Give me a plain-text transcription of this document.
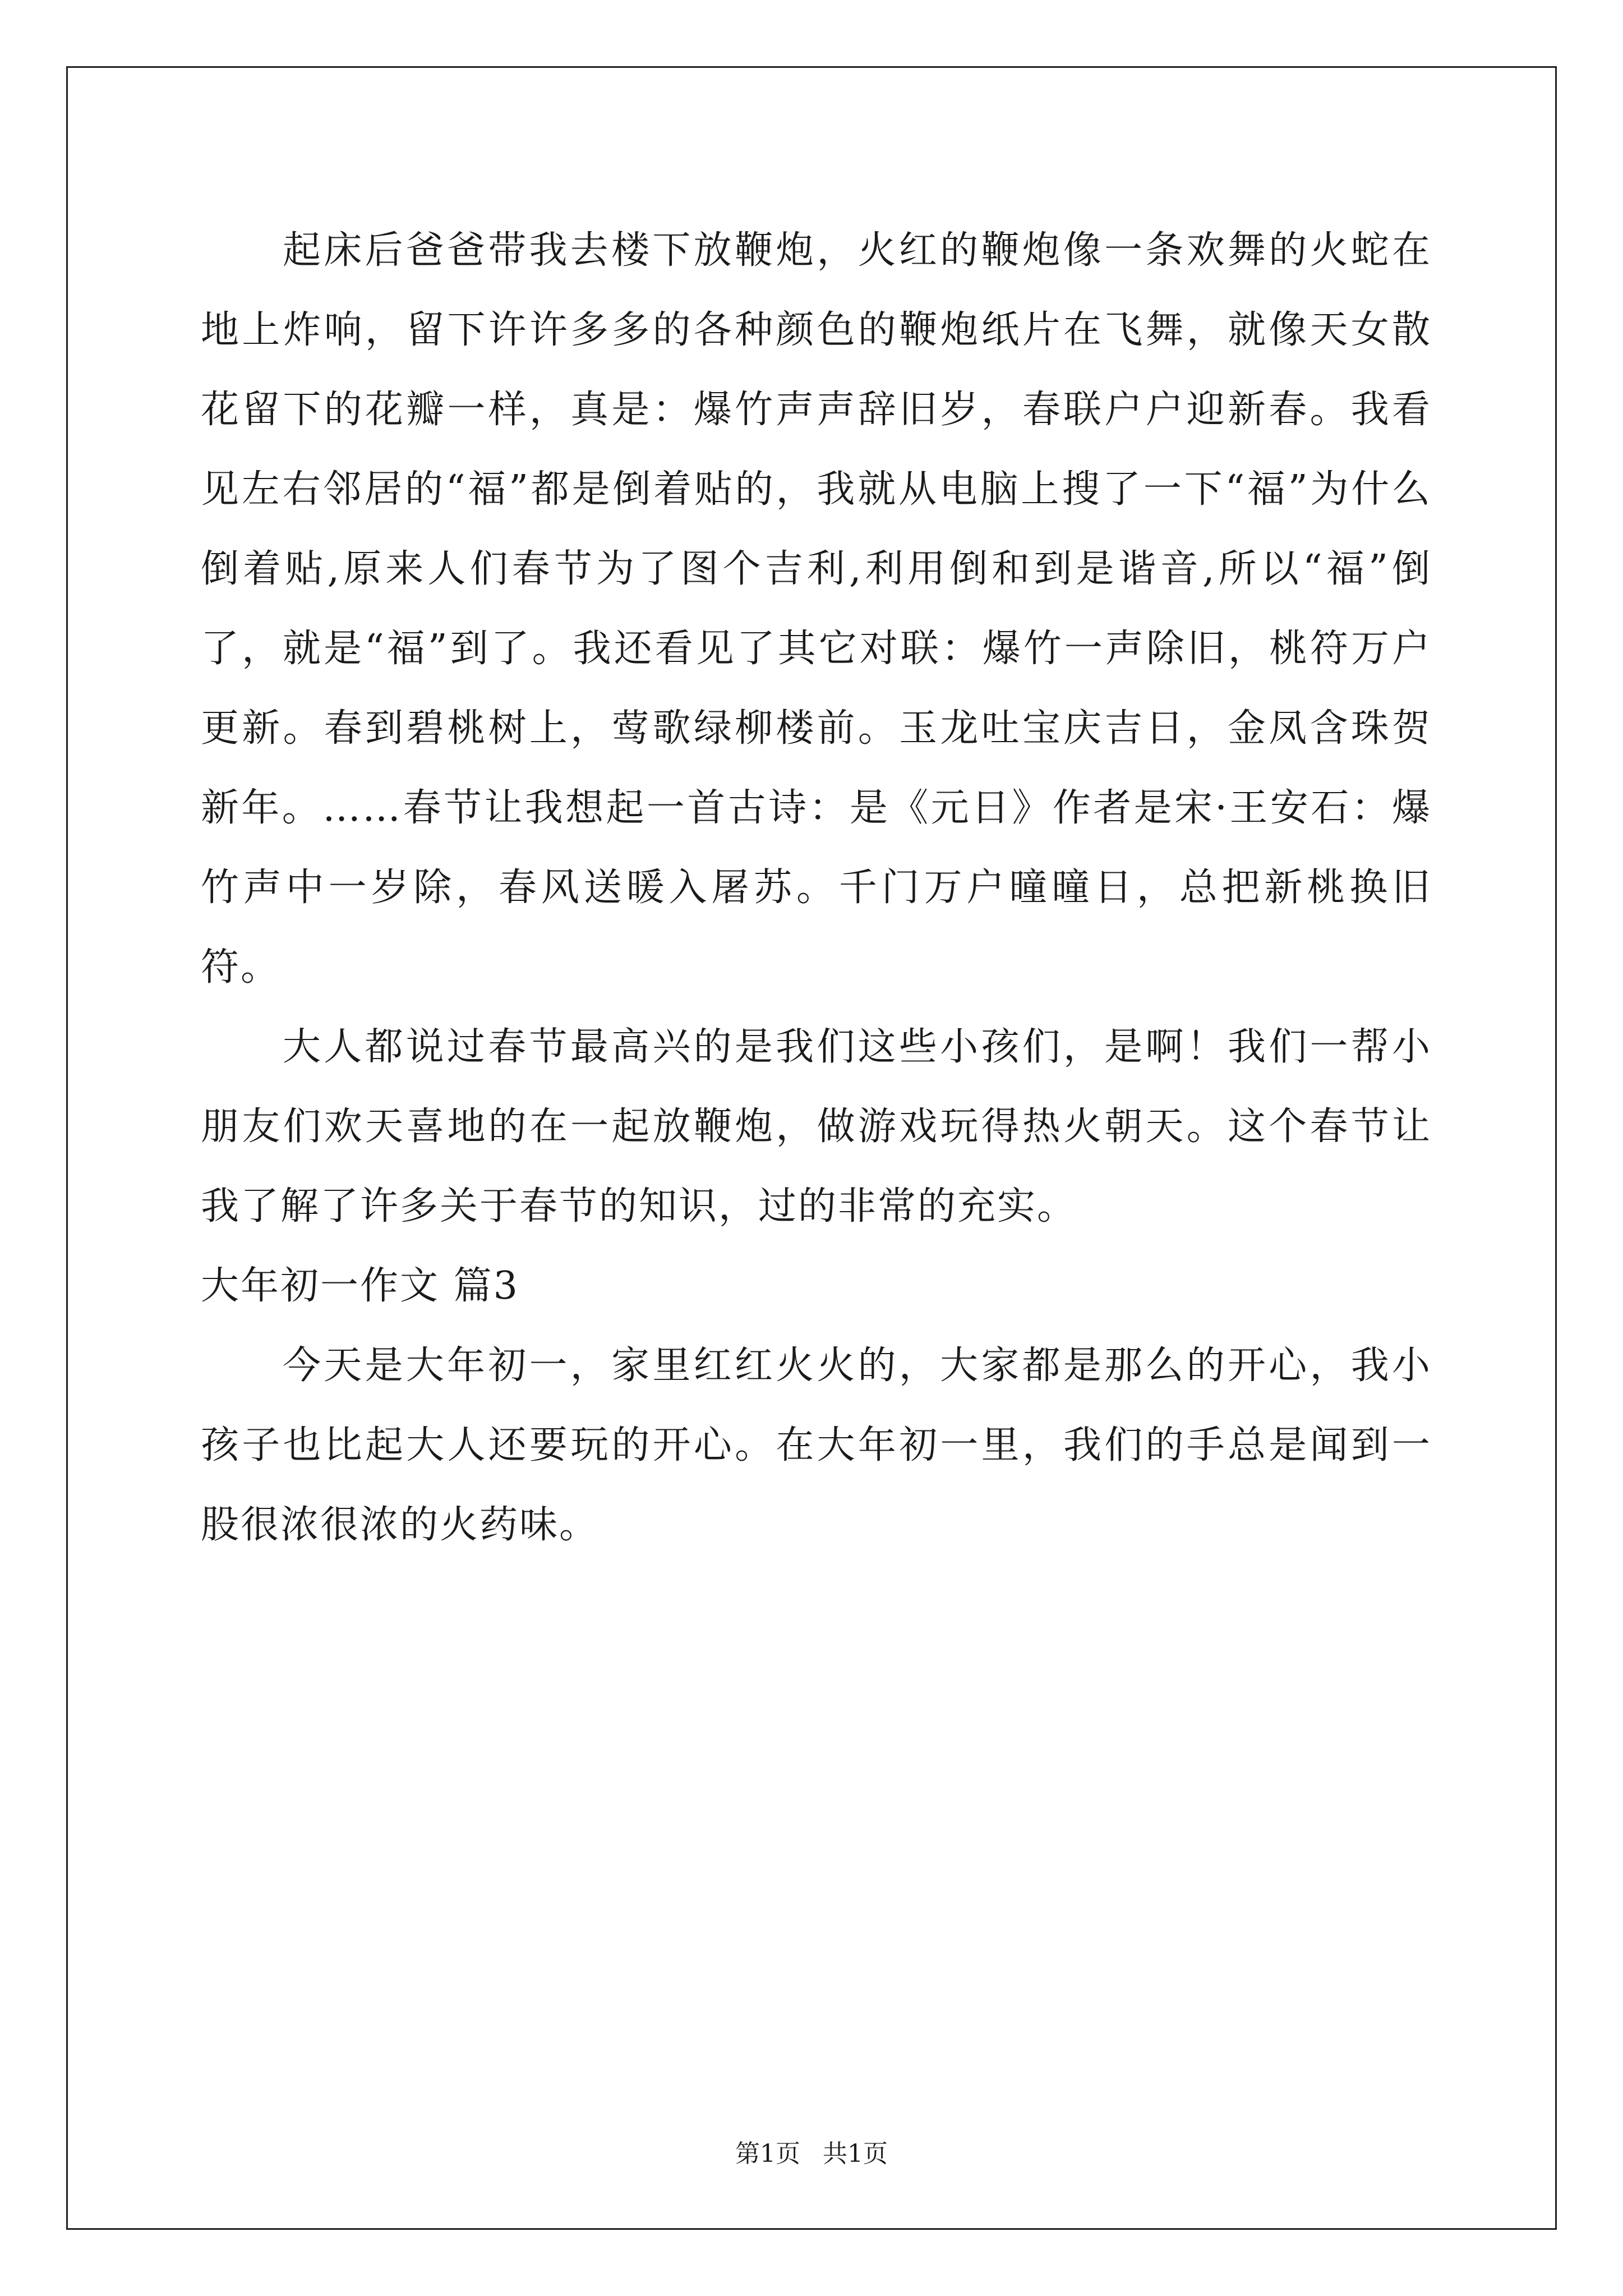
起床后爸爸带我去楼下放鞭炮，火红的鞭炮像一条欢舞的火蛇在地上炸响，留下许许多多的各种颜色的鞭炮纸片在飞舞，就像天女散花留下的花瓣一样，真是：爆竹声声辞旧岁，春联户户迎新春。我看见左右邻居的“福”都是倒着贴的，我就从电脑上搜了一下“福”为什么倒着贴,原来人们春节为了图个吉利,利用倒和到是谐音,所以“福”倒了，就是“福”到了。我还看见了其它对联：爆竹一声除旧，桃符万户更新。春到碧桃树上，莺歌绿柳楼前。玉龙吐宝庆吉日，金凤含珠贺新年。……春节让我想起一首古诗：是《元日》作者是宋·王安石：爆竹声中一岁除，春风送暖入屠苏。千门万户曈曈日，总把新桃换旧符。

大人都说过春节最高兴的是我们这些小孩们，是啊！我们一帮小朋友们欢天喜地的在一起放鞭炮，做游戏玩得热火朝天。这个春节让我了解了许多关于春节的知识，过的非常的充实。

大年初一作文 篇3

今天是大年初一，家里红红火火的，大家都是那么的开心，我小孩子也比起大人还要玩的开心。在大年初一里，我们的手总是闻到一股很浓很浓的火药味。

第1页 共1页
